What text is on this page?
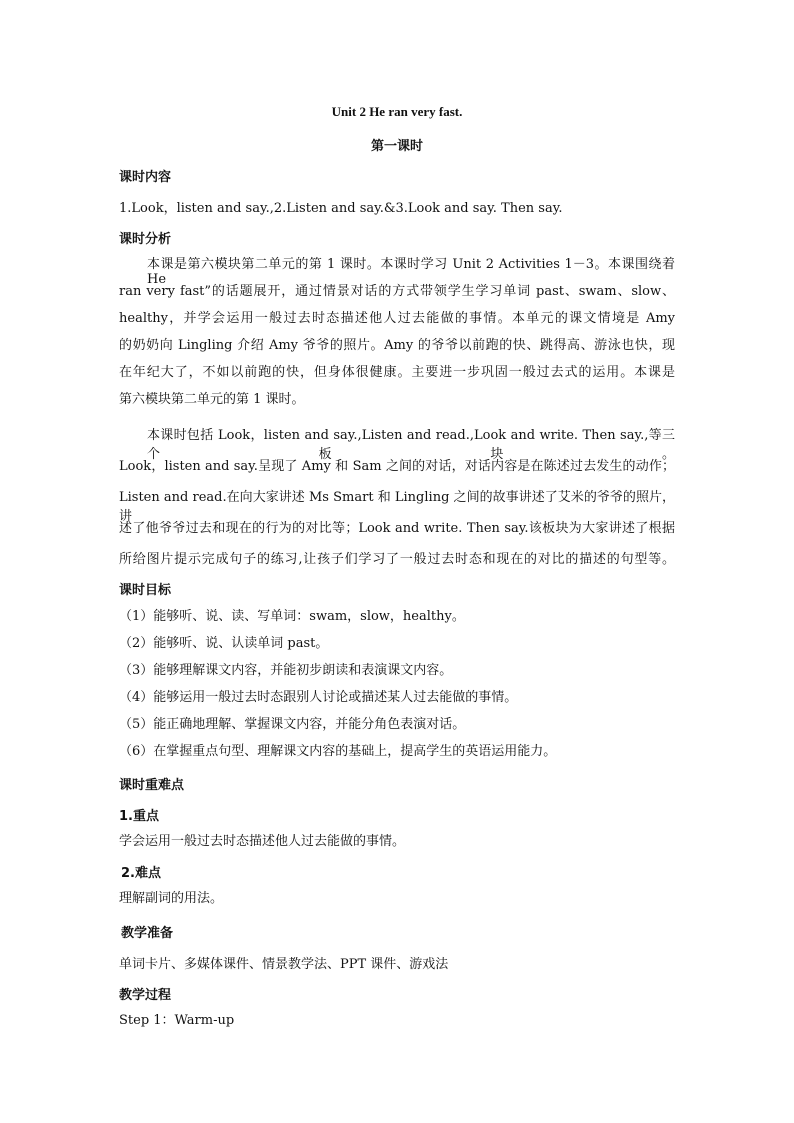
Unit 2 He ran very fast.
第一课时
课时内容
1.Look，listen and say.,2.Listen and say.&3.Look and say. Then say.
课时分析
本课是第六模块第二单元的第 1 课时。本课时学习 Unit 2 Activities 1－3。本课围绕着He
ran very fast”的话题展开，通过情景对话的方式带领学生学习单词 past、swam、slow、
healthy，并学会运用一般过去时态描述他人过去能做的事情。本单元的课文情境是 Amy
的奶奶向 Lingling 介绍 Amy 爷爷的照片。Amy 的爷爷以前跑的快、跳得高、游泳也快，现
在年纪大了，不如以前跑的快，但身体很健康。主要进一步巩固一般过去式的运用。本课是
第六模块第二单元的第 1 课时。
本课时包括 Look，listen and say.,Listen and read.,Look and write. Then say.,等三个板块。
Look，listen and say.呈现了 Amy 和 Sam 之间的对话，对话内容是在陈述过去发生的动作；
Listen and read.在向大家讲述 Ms Smart 和 Lingling 之间的故事讲述了艾米的爷爷的照片，讲
述了他爷爷过去和现在的行为的对比等；Look and write. Then say.该板块为大家讲述了根据
所给图片提示完成句子的练习,让孩子们学习了一般过去时态和现在的对比的描述的句型等。
课时目标
（1）能够听、说、读、写单词：swam，slow，healthy。
（2）能够听、说、认读单词 past。
（3）能够理解课文内容，并能初步朗读和表演课文内容。
（4）能够运用一般过去时态跟别人讨论或描述某人过去能做的事情。
（5）能正确地理解、掌握课文内容，并能分角色表演对话。
（6）在掌握重点句型、理解课文内容的基础上，提高学生的英语运用能力。
课时重难点
1.重点
学会运用一般过去时态描述他人过去能做的事情。
2.难点
理解副词的用法。
教学准备
单词卡片、多媒体课件、情景教学法、PPT 课件、游戏法
教学过程
Step 1：Warm-up
